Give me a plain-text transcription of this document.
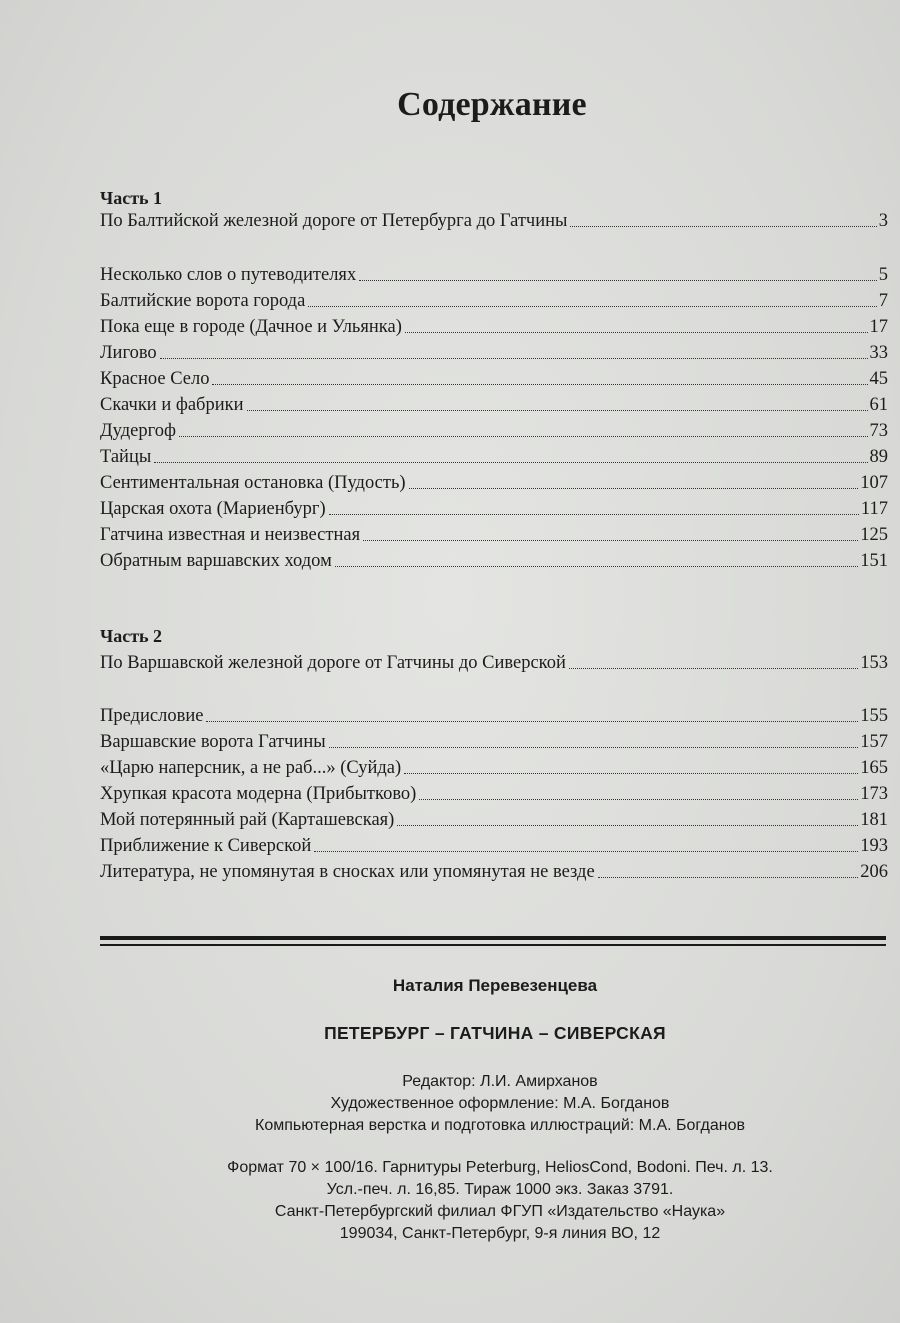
Содержание
Часть 1
По Балтийской железной дороге от Петербурга до Гатчины	3
Несколько слов о путеводителях	5
Балтийские ворота города	7
Пока еще в городе (Дачное и Ульянка)	17
Лигово	33
Красное Село	45
Скачки и фабрики	61
Дудергоф	73
Тайцы	89
Сентиментальная остановка (Пудость)	107
Царская охота (Мариенбург)	117
Гатчина известная и неизвестная	125
Обратным варшавских ходом	151
Часть 2
По Варшавской железной дороге от Гатчины до Сиверской	153
Предисловие	155
Варшавские ворота Гатчины	157
«Царю наперсник, а не раб...» (Суйда)	165
Хрупкая красота модерна (Прибытково)	173
Мой потерянный рай (Карташевская)	181
Приближение к Сиверской	193
Литература, не упомянутая в сносках или упомянутая не везде	206
Наталия Перевезенцева
ПЕТЕРБУРГ – ГАТЧИНА – СИВЕРСКАЯ
Редактор: Л.И. Амирханов
Художественное оформление: М.А. Богданов
Компьютерная верстка и подготовка иллюстраций: М.А. Богданов
Формат 70 × 100/16. Гарнитуры Peterburg, HeliosCond, Bodoni. Печ. л. 13.
Усл.-печ. л. 16,85. Тираж 1000 экз. Заказ 3791.
Санкт-Петербургский филиал ФГУП «Издательство «Наука»
199034, Санкт-Петербург, 9-я линия ВО, 12
